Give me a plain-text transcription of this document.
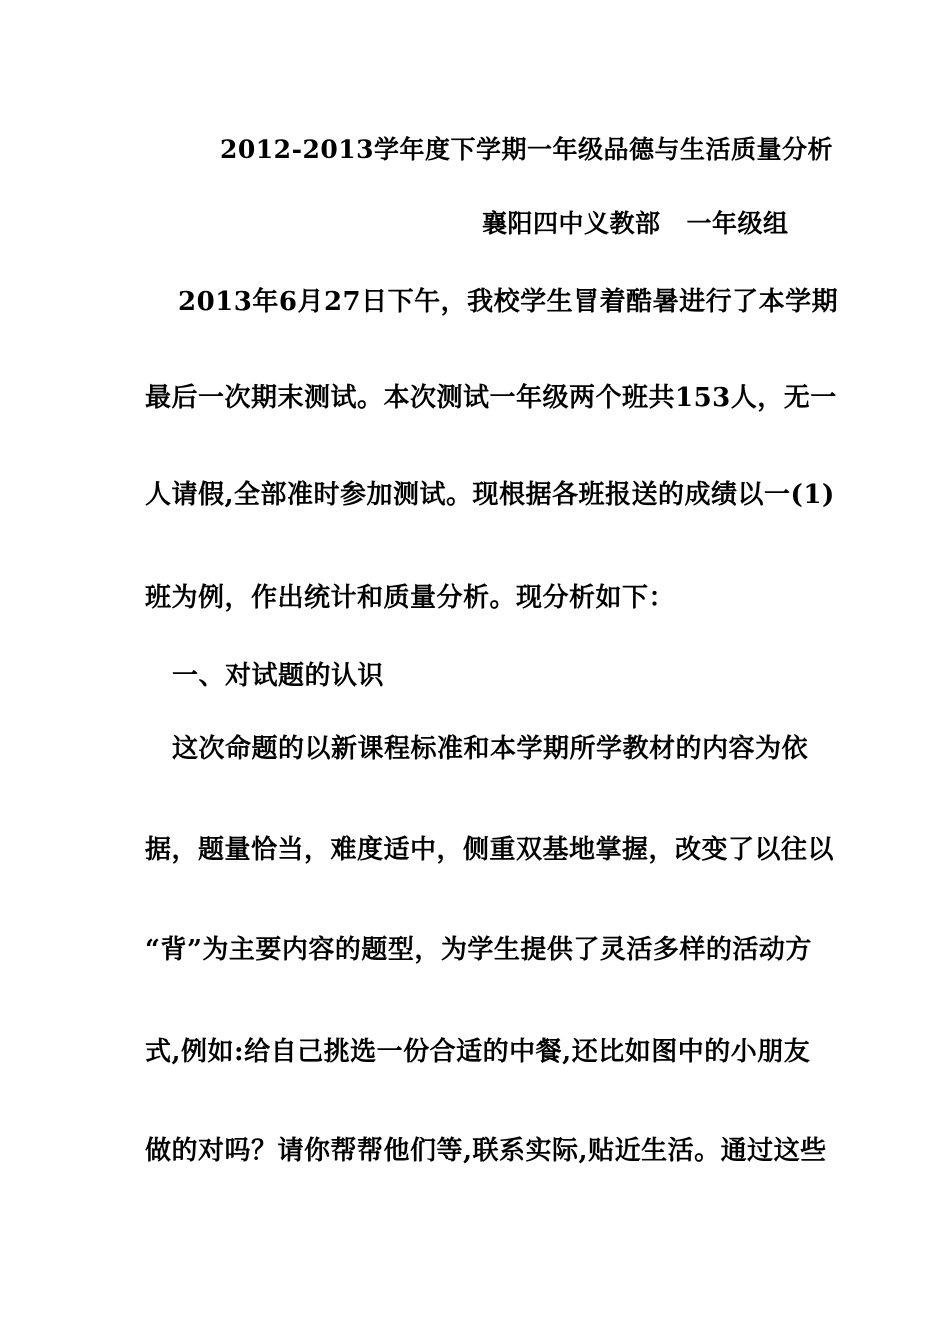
2012-2013学年度下学期一年级品德与生活质量分析
襄阳四中义教部 一年级组
2013年6月27日下午，我校学生冒着酷暑进行了本学期
最后一次期末测试。本次测试一年级两个班共153人，无一
人请假,全部准时参加测试。现根据各班报送的成绩以一(1)
班为例，作出统计和质量分析。现分析如下：
一、对试题的认识
这次命题的以新课程标准和本学期所学教材的内容为依
据，题量恰当，难度适中，侧重双基地掌握，改变了以往以
“背”为主要内容的题型，为学生提供了灵活多样的活动方
式,例如:给自己挑选一份合适的中餐,还比如图中的小朋友
做的对吗？请你帮帮他们等,联系实际,贴近生活。通过这些
